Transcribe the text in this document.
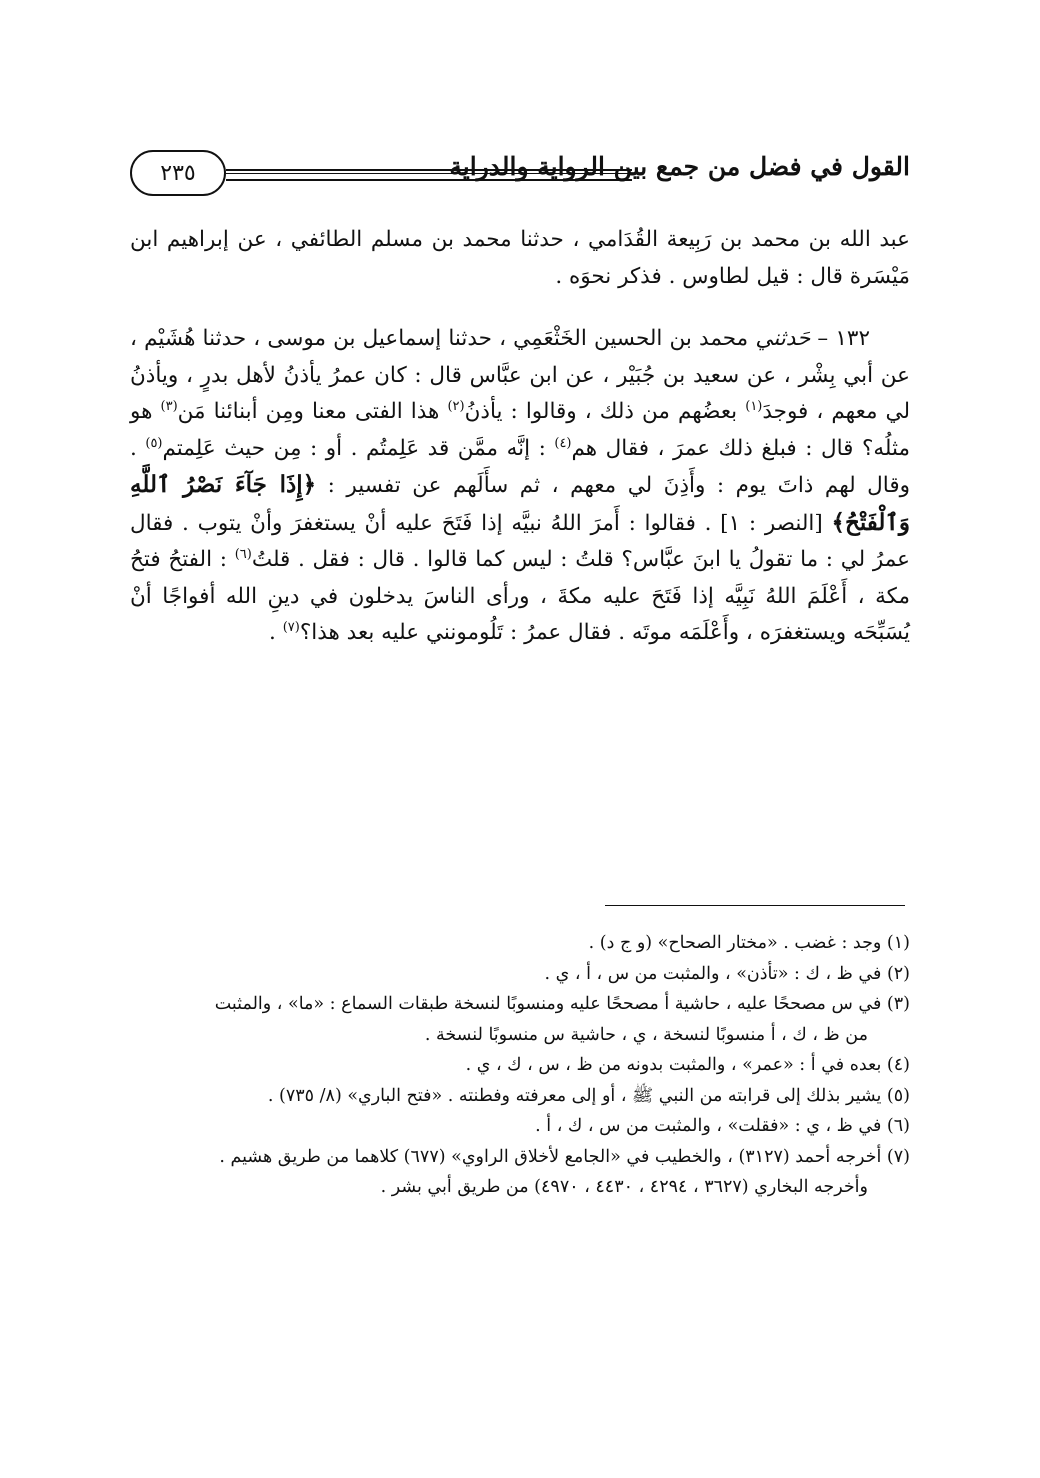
٢٣٥	القول في فضل من جمع بين الرواية والدراية

عبد الله بن محمد بن رَبِيعة القُدَامي ، حدثنا محمد بن مسلم الطائفي ، عن إبراهيم ابن مَيْسَرة قال : قيل لطاوس . فذكر نحوَه .

١٣٢ – حَدثني محمد بن الحسين الخَثْعَمِي ، حدثنا إسماعيل بن موسى ، حدثنا هُشَيْم ، عن أبي بِشْر ، عن سعيد بن جُبَيْر ، عن ابن عبَّاس قال : كان عمرُ يأذنُ لأهل بدرٍ ، ويأذنُ لي معهم ، فوجدَ$^{(١)}$ بعضُهم من ذلك ، وقالوا : يأذنُ$^{(٢)}$ هذا الفتى معنا ومِن أبنائنا مَن$^{(٣)}$ هو مثلُه؟ قال : فبلغ ذلك عمرَ ، فقال هم$^{(٤)}$ : إنَّه ممَّن قد عَلِمتُم . أو : مِن حيث عَلِمتم$^{(٥)}$ . وقال لهم ذاتَ يوم : وأَذِنَ لي معهم ، ثم سأَلَهم عن تفسير : ﴿إِذَا جَآءَ نَصْرُ ٱللَّهِ وَٱلْفَتْحُ﴾ [النصر : ١] . فقالوا : أَمرَ اللهُ نبيَّه إذا فَتَحَ عليه أنْ يستغفرَ وأنْ يتوب . فقال عمرُ لي : ما تقولُ يا ابنَ عبَّاس؟ قلتُ : ليس كما قالوا . قال : فقل . قلتُ$^{(٦)}$ : الفتحُ فتحُ مكة ، أَعْلَمَ اللهُ نَبِيَّه إذا فَتَحَ عليه مكةَ ، ورأى الناسَ يدخلون في دينِ الله أفواجًا أنْ يُسَبِّحَه ويستغفرَه ، وأَعْلَمَه موتَه . فقال عمرُ : تَلُومونني عليه بعد هذا؟$^{(٧)}$ .

(١) وجد : غضب . «مختار الصحاح» (و ج د) .

(٢) في ظ ، ك : «تأذن» ، والمثبت من س ، أ ، ي .

(٣) في س مصححًا عليه ، حاشية أ مصححًا عليه ومنسوبًا لنسخة طبقات السماع : «ما» ، والمثبت

من ظ ، ك ، أ منسوبًا لنسخة ، ي ، حاشية س منسوبًا لنسخة .

(٤) بعده في أ : «عمر» ، والمثبت بدونه من ظ ، س ، ك ، ي .

(٥) يشير بذلك إلى قرابته من النبي ﷺ ، أو إلى معرفته وفطنته . «فتح الباري» (٨/ ٧٣٥) .

(٦) في ظ ، ي : «فقلت» ، والمثبت من س ، ك ، أ .

(٧) أخرجه أحمد (٣١٢٧) ، والخطيب في «الجامع لأخلاق الراوي» (٦٧٧) كلاهما من طريق هشيم .

وأخرجه البخاري (٣٦٢٧ ، ٤٢٩٤ ، ٤٤٣٠ ، ٤٩٧٠) من طريق أبي بشر .
